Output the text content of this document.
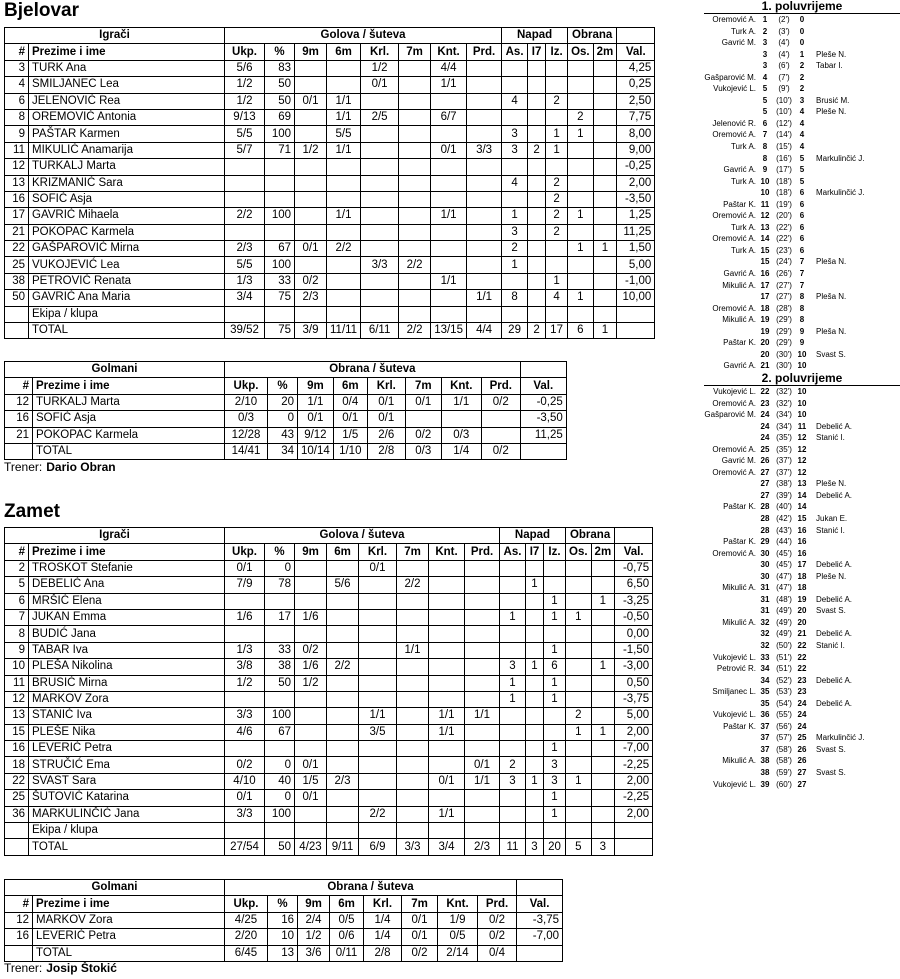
Bjelovar
Igrači		Golova / šuteva								Napad			Obrana		
#	Prezime i ime	Ukp.	%	9m	6m	Krl.	7m	Knt.	Prd.	As.	I7	Iz.	Os.	2m	Val.
3	TURK Ana	5/6	83			1/2		4/4							4,25
4	SMILJANEC Lea	1/2	50			0/1		1/1							0,25
6	JELENOVIĆ Rea	1/2	50	0/1	1/1					4		2			2,50
8	OREMOVIĆ Antonia	9/13	69		1/1	2/5		6/7					2		7,75
9	PAŠTAR Karmen	5/5	100		5/5					3		1	1		8,00
11	MIKULIĆ Anamarija	5/7	71	1/2	1/1			0/1	3/3	3	2	1			9,00
12	TURKALJ Marta														-0,25
13	KRIZMANIĆ Sara									4		2			2,00
16	SOFIĆ Asja											2			-3,50
17	GAVRIĆ Mihaela	2/2	100		1/1			1/1		1		2	1		1,25
21	POKOPAC Karmela									3		2			11,25
22	GAŠPAROVIĆ Mirna	2/3	67	0/1	2/2					2			1	1	1,50
25	VUKOJEVIĆ Lea	5/5	100			3/3	2/2			1					5,00
38	PETROVIĆ Renata	1/3	33	0/2				1/1				1			-1,00
50	GAVRIĆ Ana Maria	3/4	75	2/3					1/1	8		4	1		10,00
	Ekipa / klupa														
	TOTAL	39/52	75	3/9	11/11	6/11	2/2	13/15	4/4	29	2	17	6	1	
Golmani		Obrana / šuteva								
#	Prezime i ime	Ukp.	%	9m	6m	Krl.	7m	Knt.	Prd.	Val.
12	TURKALJ Marta	2/10	20	1/1	0/4	0/1	0/1	1/1	0/2	-0,25
16	SOFIĆ Asja	0/3	0	0/1	0/1	0/1				-3,50
21	POKOPAC Karmela	12/28	43	9/12	1/5	2/6	0/2	0/3		11,25
	TOTAL	14/41	34	10/14	1/10	2/8	0/3	1/4	0/2	
Trener: Dario Obran
Zamet
Igrači		Golova / šuteva								Napad			Obrana		
#	Prezime i ime	Ukp.	%	9m	6m	Krl.	7m	Knt.	Prd.	As.	I7	Iz.	Os.	2m	Val.
2	TROSKOT Stefanie	0/1	0			0/1									-0,75
5	DEBELIĆ Ana	7/9	78		5/6		2/2				1				6,50
6	MRŠIĆ Elena											1		1	-3,25
7	JUKAN Emma	1/6	17	1/6						1		1	1		-0,50
8	BUDIĆ Jana														0,00
9	TABAR Iva	1/3	33	0/2			1/1					1			-1,50
10	PLEŠA Nikolina	3/8	38	1/6	2/2					3	1	6		1	-3,00
11	BRUSIĆ Mirna	1/2	50	1/2						1		1			0,50
12	MARKOV Zora									1		1			-3,75
13	STANIĆ Iva	3/3	100			1/1		1/1	1/1				2		5,00
15	PLEŠE Nika	4/6	67			3/5		1/1					1	1	2,00
16	LEVERIĆ Petra											1			-7,00
18	STRUČIĆ Ema	0/2	0	0/1					0/1	2		3			-2,25
22	SVAST Sara	4/10	40	1/5	2/3			0/1	1/1	3	1	3	1		2,00
25	ŠUTOVIĆ Katarina	0/1	0	0/1								1			-2,25
36	MARKULINČIĆ Jana	3/3	100			2/2		1/1				1			2,00
	Ekipa / klupa														
	TOTAL	27/54	50	4/23	9/11	6/9	3/3	3/4	2/3	11	3	20	5	3	
Golmani		Obrana / šuteva								
#	Prezime i ime	Ukp.	%	9m	6m	Krl.	7m	Knt.	Prd.	Val.
12	MARKOV Zora	4/25	16	2/4	0/5	1/4	0/1	1/9	0/2	-3,75
16	LEVERIĆ Petra	2/20	10	1/2	0/6	1/4	0/1	0/5	0/2	-7,00
	TOTAL	6/45	13	3/6	0/11	2/8	0/2	2/14	0/4	
Trener: Josip Štokić
1. poluvrijeme
Oremović A. 1	(2')	0
Turk A. 2	(3')	0
Gavrić M. 3	(4')	0
3	(4')	1	Pleše N.
3	(6')	2	Tabar I.
Gašparović M. 4	(7')	2
Vukojević L. 5	(9')	2
5	(10') 3	Brusić M.
5	(10') 4	Pleše N.
Jelenović R. 6	(12') 4
Oremović A. 7	(14') 4
Turk A. 8	(15') 4
8	(16') 5	Markulinčić J.
Gavrić A. 9	(17') 5
Turk A. 10 (18') 5
10 (18') 6	Markulinčić J.
Paštar K. 11 (19') 6
Oremović A. 12 (20') 6
Turk A. 13 (22') 6
Oremović A. 14 (22') 6
Turk A. 15 (23') 6
15 (24') 7	Pleša N.
Gavrić A. 16 (26') 7
Mikulić A. 17 (27') 7
17 (27') 8	Pleša N.
Oremović A. 18 (28') 8
Mikulić A. 19 (29') 8
19 (29') 9	Pleša N.
Paštar K. 20 (29') 9
20 (30') 10 Svast S.
Gavrić A. 21 (30') 10
2. poluvrijeme
Vukojević L. 22 (32') 10
Oremović A. 23 (32') 10
Gašparović M. 24 (34') 10
24 (34') 11 Debelić A.
24 (35') 12 Stanić I.
Oremović A. 25 (35') 12
Gavrić M. 26 (37') 12
Oremović A. 27 (37') 12
27 (38') 13 Pleše N.
27 (39') 14 Debelić A.
Paštar K. 28 (40') 14
28 (42') 15 Jukan E.
28 (43') 16 Stanić I.
Paštar K. 29 (44') 16
Oremović A. 30 (45') 16
30 (45') 17 Debelić A.
30 (47') 18 Pleše N.
Mikulić A. 31 (47') 18
31 (48') 19 Debelić A.
31 (49') 20 Svast S.
Mikulić A. 32 (49') 20
32 (49') 21 Debelić A.
32 (50') 22 Stanić I.
Vukojević L. 33 (51') 22
Petrović R. 34 (51') 22
34 (52') 23 Debelić A.
Smiljanec L. 35 (53') 23
35 (54') 24 Debelić A.
Vukojević L. 36 (55') 24
Paštar K. 37 (56') 24
37 (57') 25 Markulinčić J.
37 (58') 26 Svast S.
Mikulić A. 38 (58') 26
38 (59') 27 Svast S.
Vukojević L. 39 (60') 27
